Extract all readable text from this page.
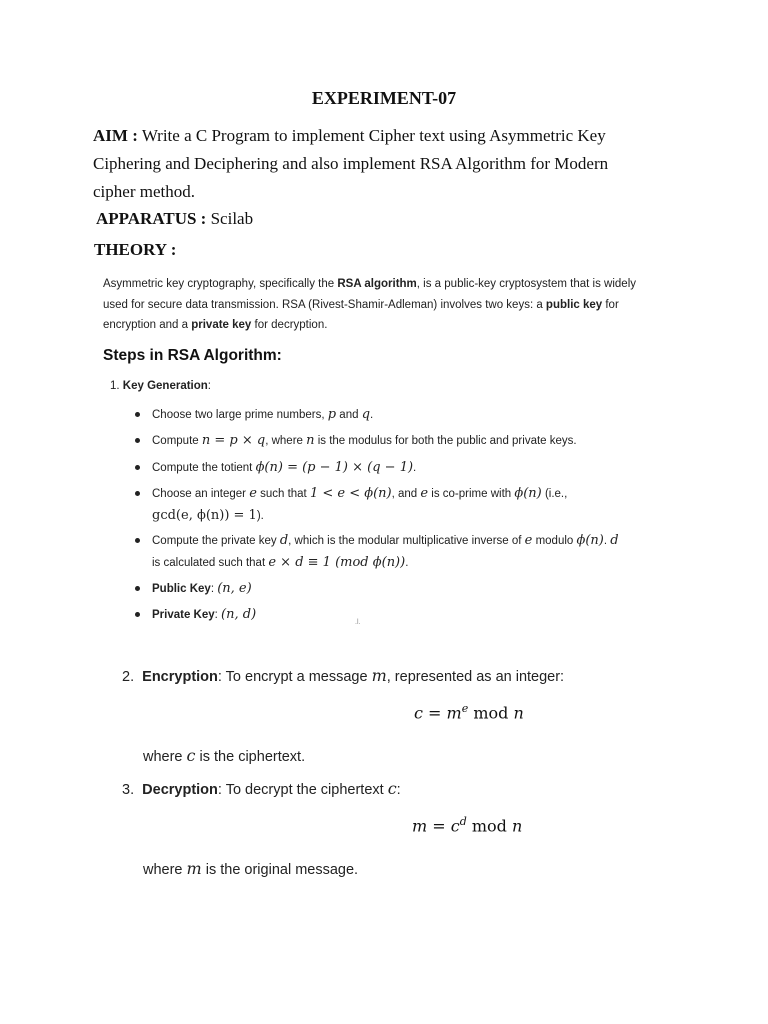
EXPERIMENT-07
AIM : Write a C Program to implement Cipher text using Asymmetric Key Ciphering and Deciphering and also implement RSA Algorithm for Modern cipher method.
APPARATUS : Scilab
THEORY :
Asymmetric key cryptography, specifically the RSA algorithm, is a public-key cryptosystem that is widely used for secure data transmission. RSA (Rivest-Shamir-Adleman) involves two keys: a public key for encryption and a private key for decryption.
Steps in RSA Algorithm:
1. Key Generation:
Choose two large prime numbers, p and q.
Compute n = p × q, where n is the modulus for both the public and private keys.
Compute the totient ϕ(n) = (p − 1) × (q − 1).
Choose an integer e such that 1 < e < ϕ(n), and e is co-prime with ϕ(n) (i.e.,
gcd(e, ϕ(n)) = 1).
Compute the private key d, which is the modular multiplicative inverse of e modulo ϕ(n). d
is calculated such that e × d ≡ 1 (mod ϕ(n)).
Public Key: (n, e)
Private Key: (n, d)
.l.
2. Encryption: To encrypt a message m, represented as an integer:
$c = m^e$ mod n
where c is the ciphertext.
3. Decryption: To decrypt the ciphertext c:
$m = c^d$ mod n
where m is the original message.
